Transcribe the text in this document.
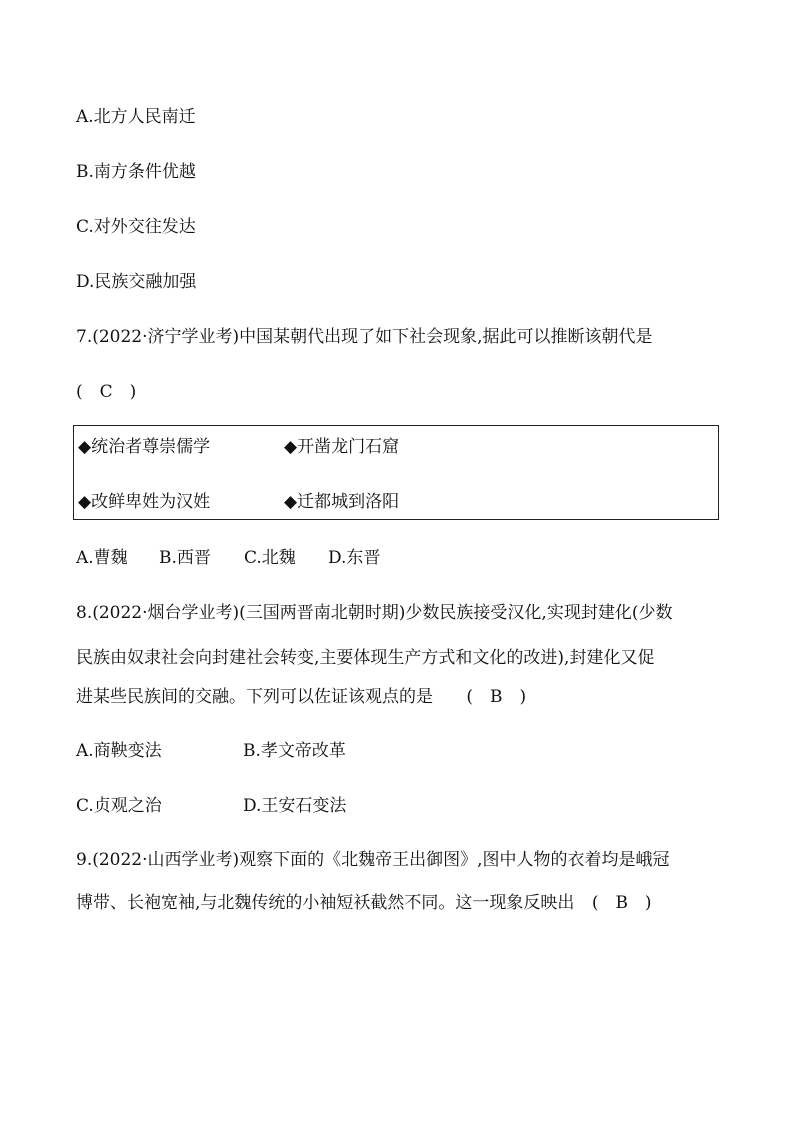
A.北方人民南迁
B.南方条件优越
C.对外交往发达
D.民族交融加强
7.(2022·济宁学业考)中国某朝代出现了如下社会现象,据此可以推断该朝代是
(　C　)
◆统治者尊崇儒学	◆开凿龙门石窟
◆改鲜卑姓为汉姓	◆迁都城到洛阳
A.曹魏 B.西晋 C.北魏 D.东晋
8.(2022·烟台学业考)(三国两晋南北朝时期)少数民族接受汉化,实现封建化(少数
民族由奴隶社会向封建社会转变,主要体现生产方式和文化的改进),封建化又促
进某些民族间的交融。下列可以佐证该观点的是 (　B　)
A.商鞅变法	B.孝文帝改革
C.贞观之治	D.王安石变法
9.(2022·山西学业考)观察下面的《北魏帝王出御图》,图中人物的衣着均是峨冠
博带、长袍宽袖,与北魏传统的小袖短袄截然不同。这一现象反映出 (　B　)
